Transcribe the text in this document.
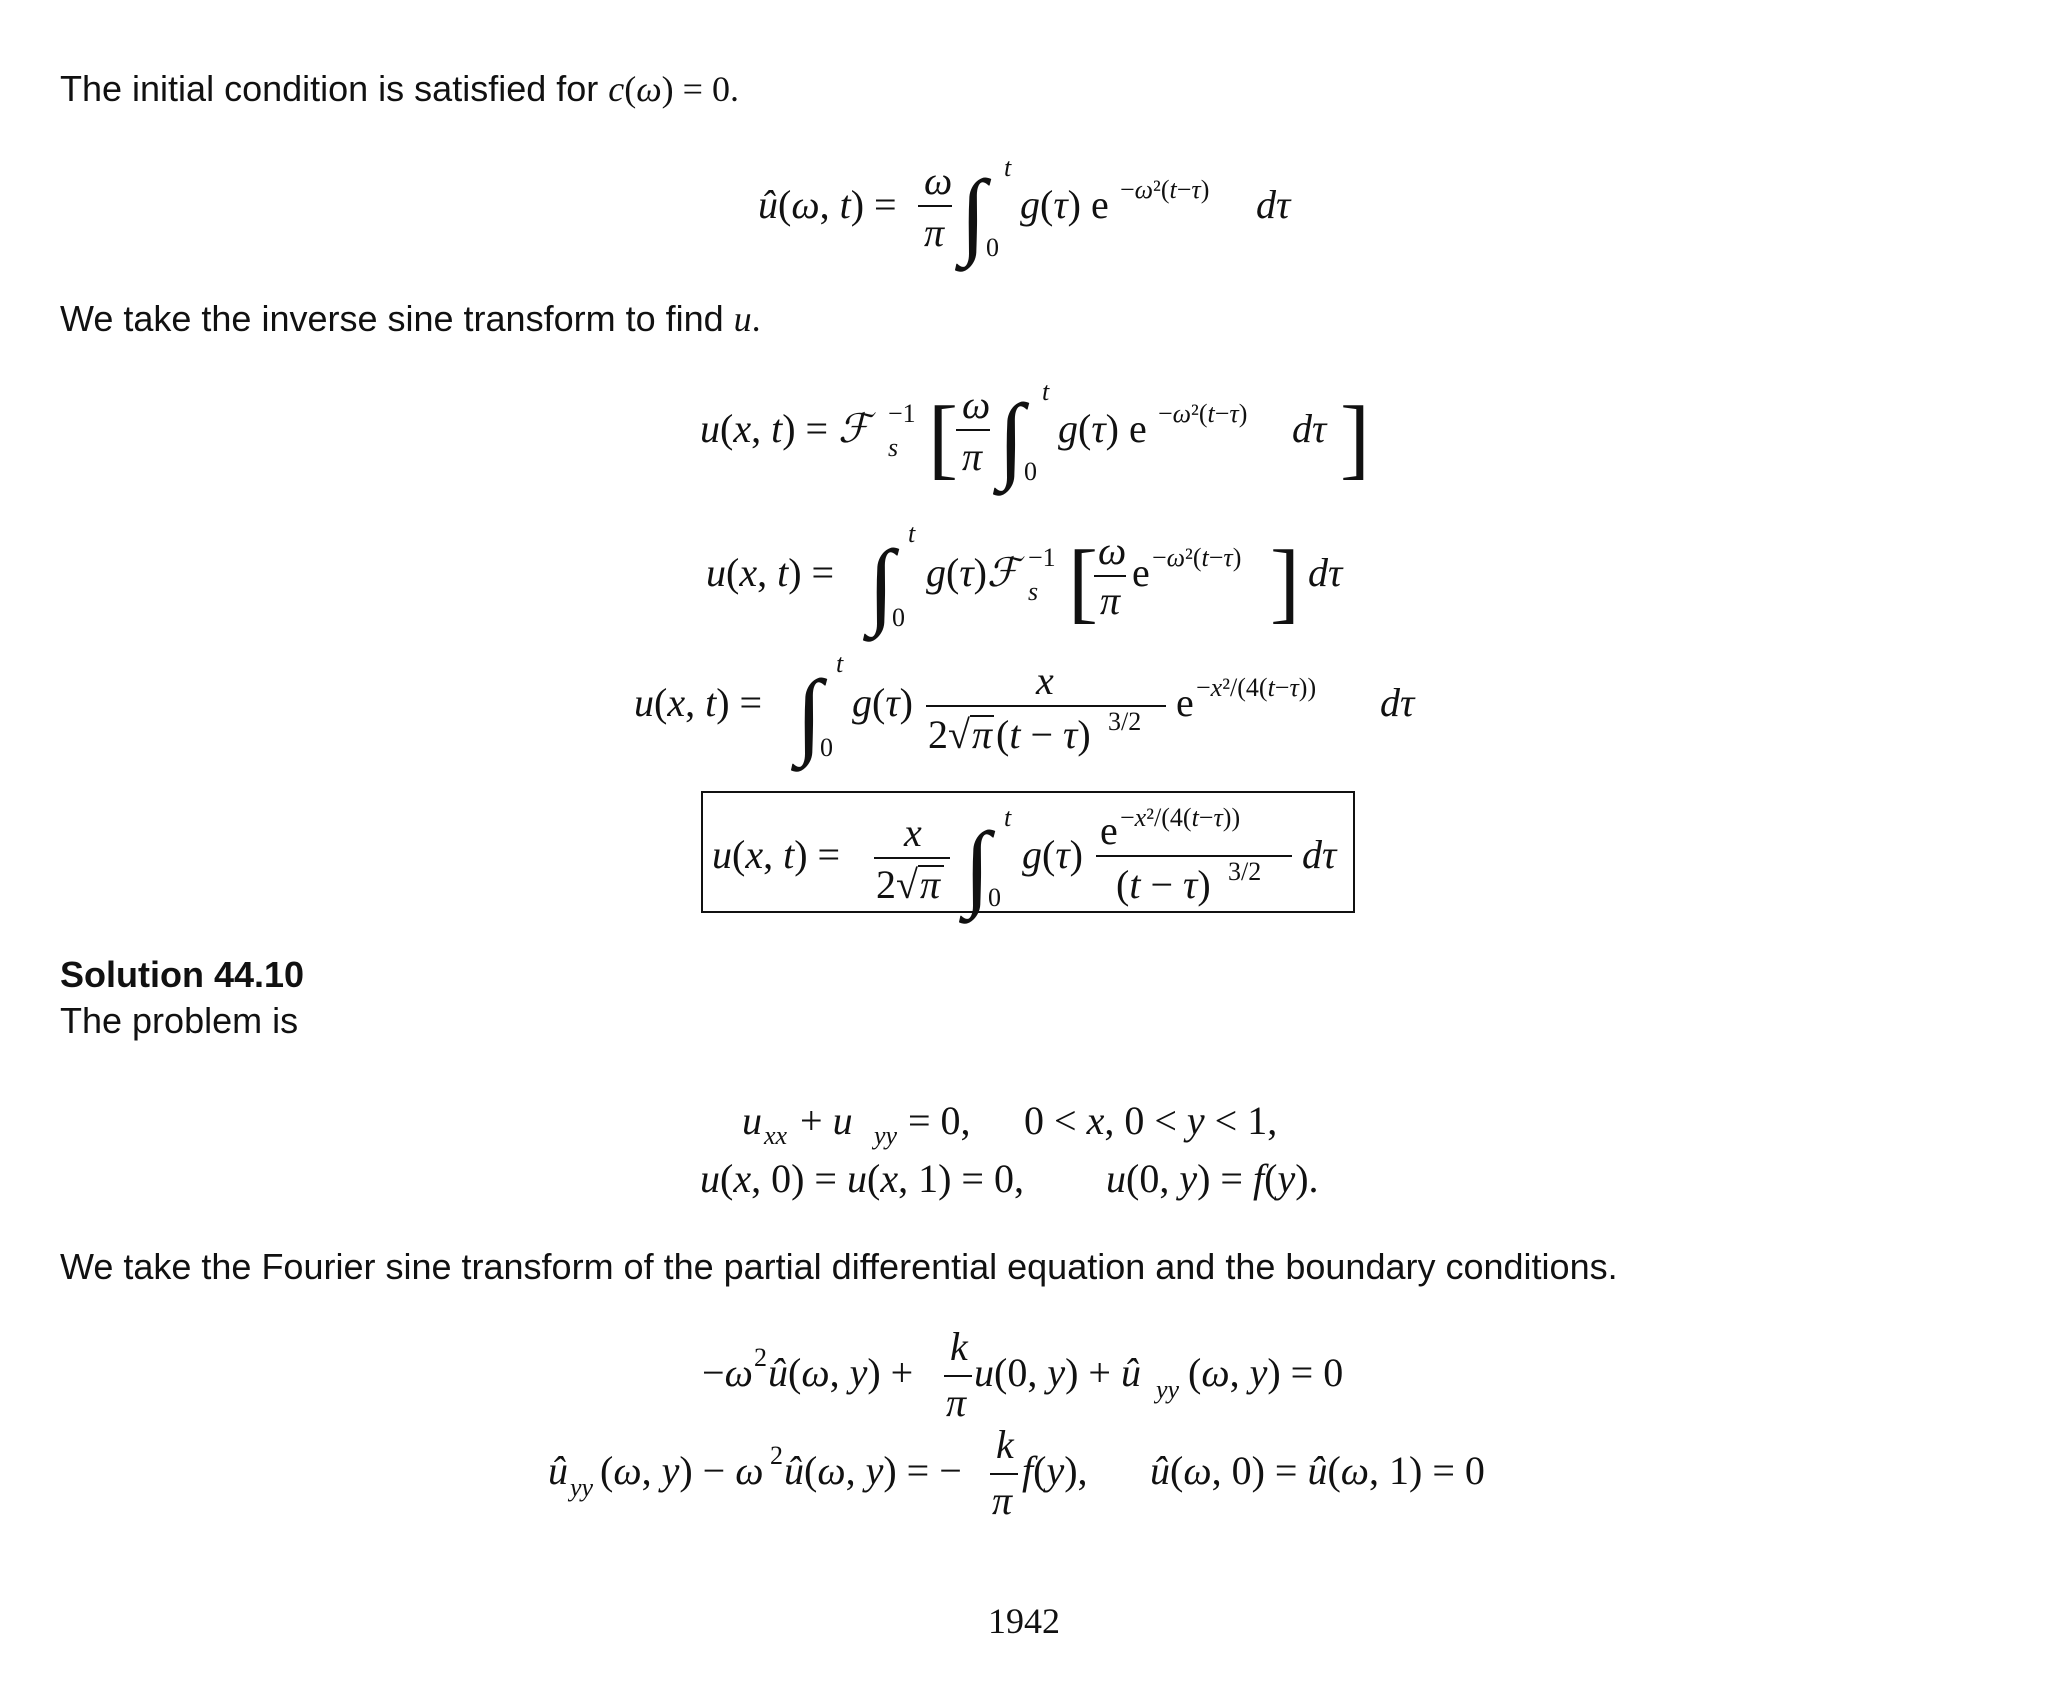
The initial condition is satisfied for c(ω) = 0.
û(ω, t) =
ω
π ∫ 0
t
g(τ) e −ω²(t−τ) dτ
We take the inverse sine transform to find u.
u(x, t) = ℱ s
−1 [ ω
π ∫ 0
t
g(τ) e −ω²(t−τ) dτ ]
u(x, t) = ∫
0
t
g(τ)ℱ s
−1 [ ω
π
e −ω²(t−τ) ] dτ
u(x, t) = ∫
0
t
g(τ)	x
2 √ π (t − τ) 3/2 e −x²/(4(t−τ)) dτ
u(x, t) = x
2 √ π ∫
0
t
g(τ)
e −x²/(4(t−τ))
(t − τ) 3/2 dτ
Solution 44.10
The problem is
u xx + u yy = 0, 0 < x, 0 < y < 1,
u(x, 0) = u(x, 1) = 0, u(0, y) = f(y).
We take the Fourier sine transform of the partial differential equation and the boundary conditions.
−ω 2 û(ω, y) +
k
π
u(0, y) + û yy (ω, y) = 0
û yy (ω, y) − ω 2 û(ω, y) = −
k
π
f(y), û(ω, 0) = û(ω, 1) = 0
1942
